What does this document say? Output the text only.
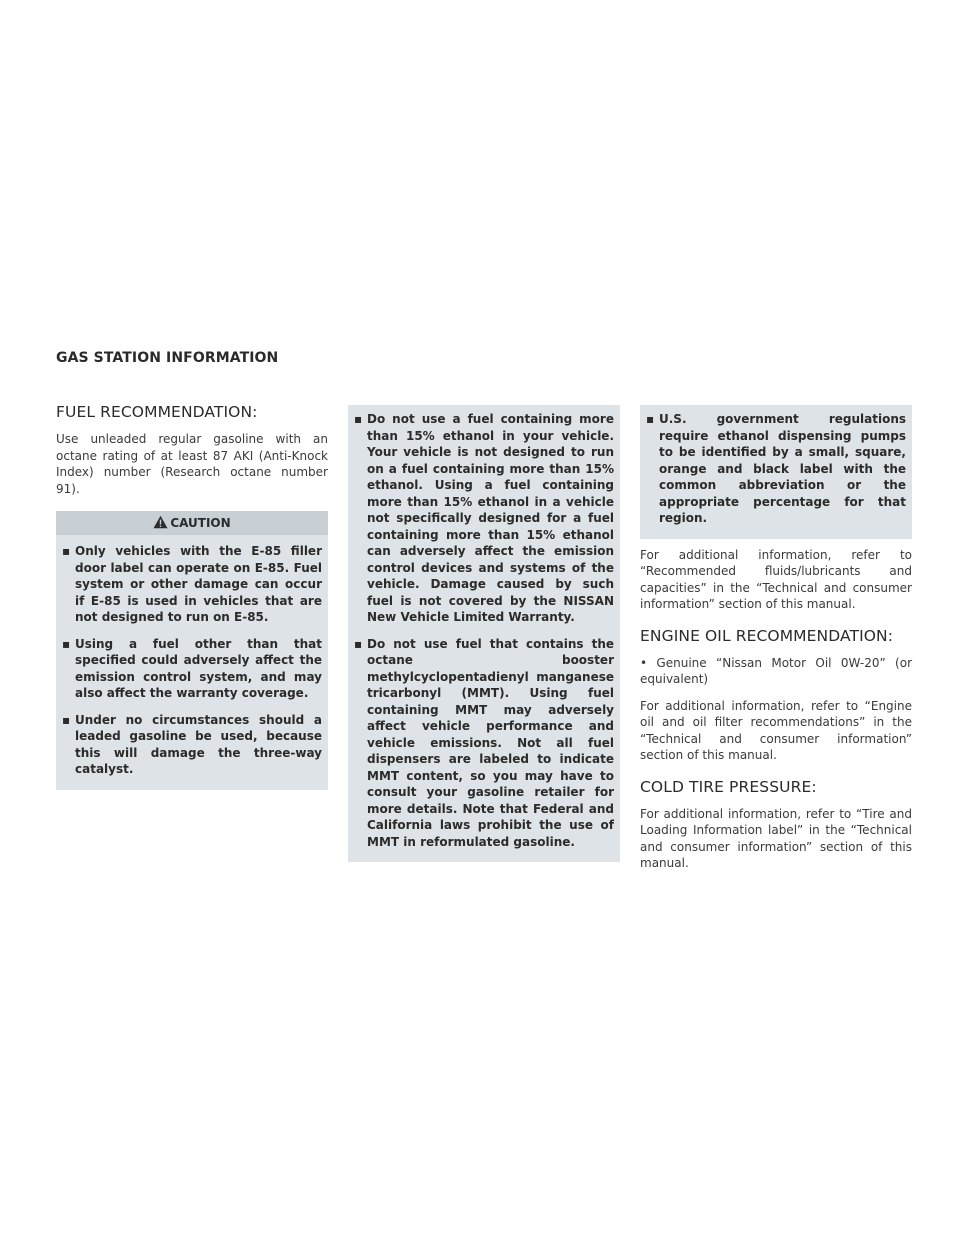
GAS STATION INFORMATION
FUEL RECOMMENDATION:

Use unleaded regular gasoline with an octane rating of at least 87 AKI (Anti-Knock Index) number (Research octane number 91).

CAUTION
▪ Only vehicles with the E-85 filler door label can operate on E-85. Fuel system or other damage can occur if E-85 is used in vehicles that are not designed to run on E-85.
▪ Using a fuel other than that specified could adversely affect the emission control system, and may also affect the warranty coverage.
▪ Under no circumstances should a leaded gasoline be used, because this will damage the three-way catalyst.
▪ Do not use a fuel containing more than 15% ethanol in your vehicle. Your vehicle is not designed to run on a fuel containing more than 15% ethanol. Using a fuel containing more than 15% ethanol in a vehicle not specifically designed for a fuel containing more than 15% ethanol can adversely affect the emission control devices and systems of the vehicle. Damage caused by such fuel is not covered by the NISSAN New Vehicle Limited Warranty.
▪ Do not use fuel that contains the octane booster methylcyclopentadienyl manganese tricarbonyl (MMT). Using fuel containing MMT may adversely affect vehicle performance and vehicle emissions. Not all fuel dispensers are labeled to indicate MMT content, so you may have to consult your gasoline retailer for more details. Note that Federal and California laws prohibit the use of MMT in reformulated gasoline.
▪ U.S. government regulations require ethanol dispensing pumps to be identified by a small, square, orange and black label with the common abbreviation or the appropriate percentage for that region.

For additional information, refer to “Recommended fluids/lubricants and capacities” in the “Technical and consumer information” section of this manual.

ENGINE OIL RECOMMENDATION:

• Genuine “Nissan Motor Oil 0W-20” (or equivalent)

For additional information, refer to “Engine oil and oil filter recommendations” in the “Technical and consumer information” section of this manual.

COLD TIRE PRESSURE:

For additional information, refer to “Tire and Loading Information label” in the “Technical and consumer information” section of this manual.
